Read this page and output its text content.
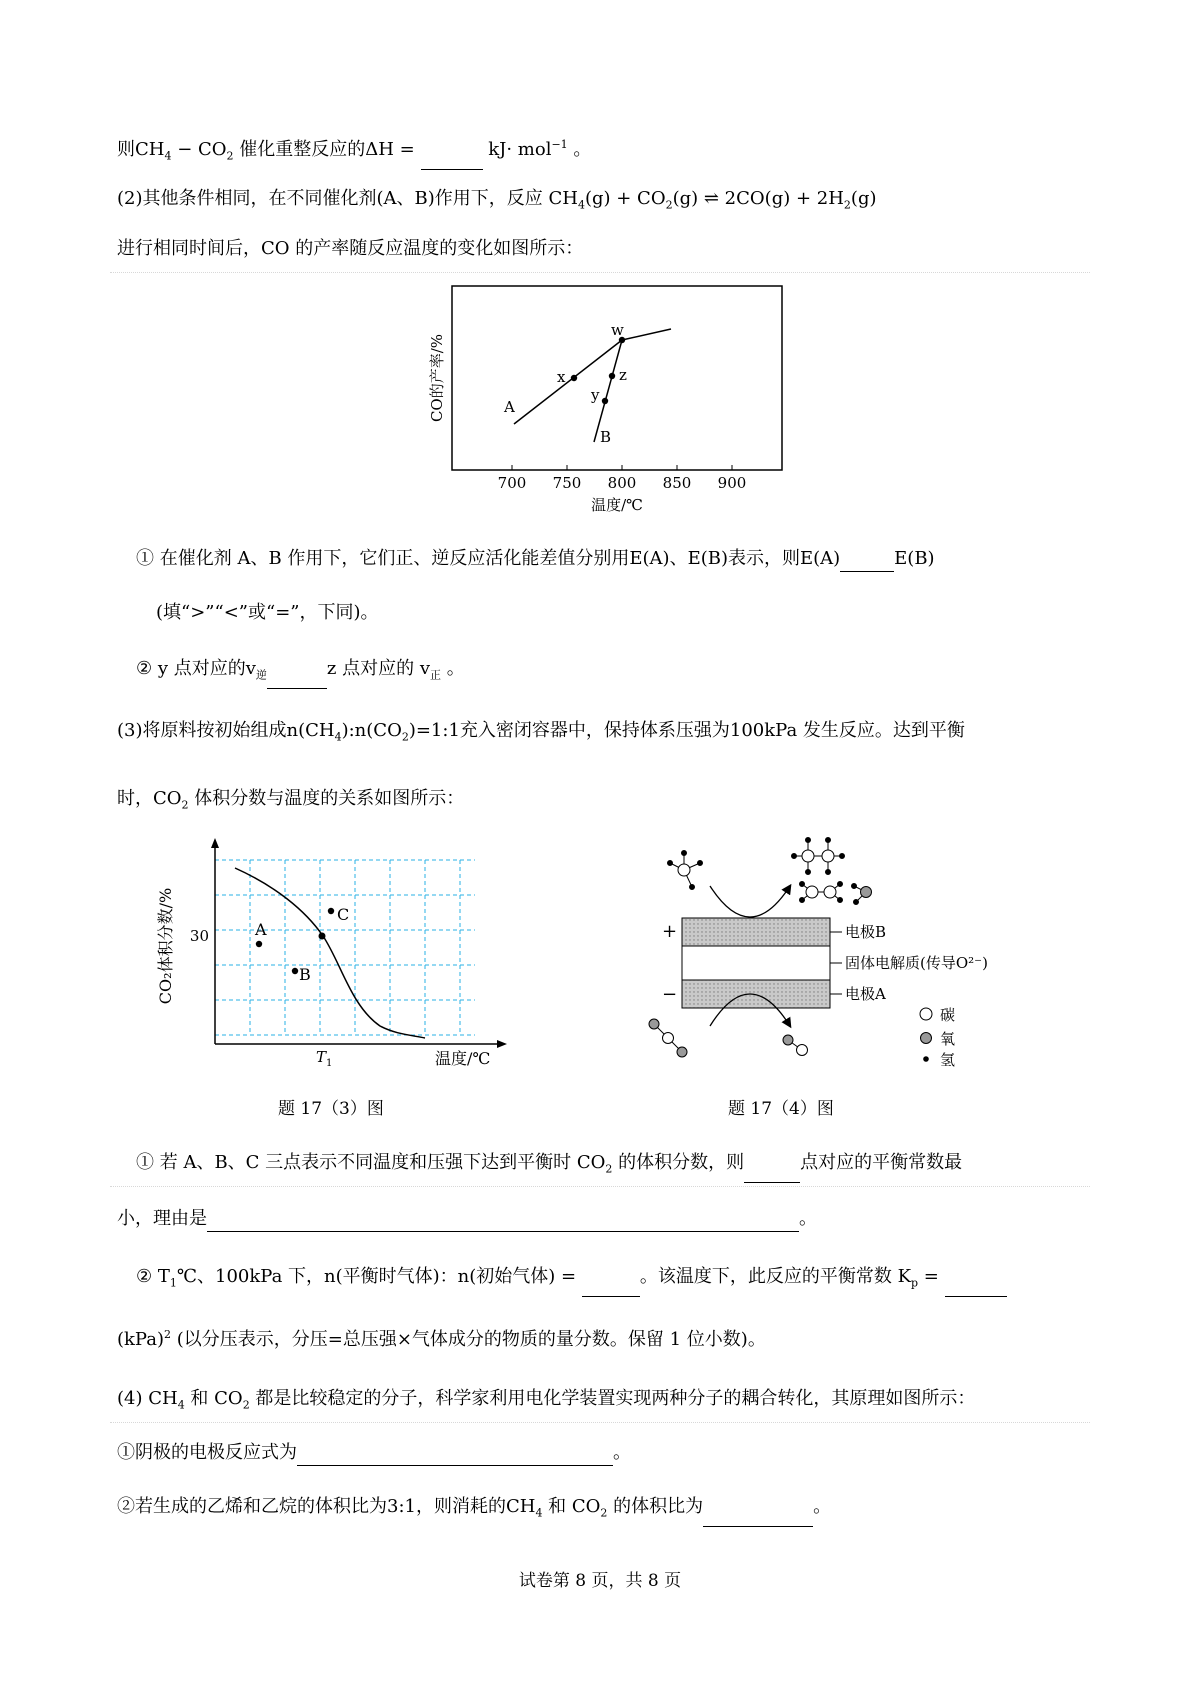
则$CH_4 - CO_2$ 催化重整反应的ΔH =	kJ· mol$^{-1}$ 。
(2)其他条件相同，在不同催化剂(A、B)作用下，反应 $CH_4(g) + CO_2(g)$ ⇌ $2CO(g) + 2H_2(g)$
进行相同时间后，CO 的产率随反应温度的变化如图所示：
700 750 800 850 900
温度/℃
CO的产率/%	A
B
x
w
z
y
① 在催化剂 A、B 作用下，它们正、逆反应活化能差值分别用E(A)、E(B)表示，则E(A)	E(B)
(填“>”“<”或“=”，下同)。
② y 点对应的$v_逆$	z 点对应的 $v_正$ 。
(3)将原料按初始组成$n(CH_4):n(CO_2)=1:1$充入密闭容器中，保持体系压强为100kPa 发生反应。达到平衡
时，$CO_2$ 体积分数与温度的关系如图所示：
A
B
C
30
$T_1$	温度/℃
CO₂体积分数/%
题 17（3）图
+
−
电极B
固体电解质(传导O²⁻)
电极A
碳
氧
氢
题 17（4）图
① 若 A、B、C 三点表示不同温度和压强下达到平衡时 $CO_2$ 的体积分数，则	点对应的平衡常数最
小，理由是	。
② $T_1℃$、100kPa 下，n(平衡时气体)：n(初始气体) =	。该温度下，此反应的平衡常数 $K_p$ =
(kPa)$^2$ (以分压表示，分压=总压强×气体成分的物质的量分数。保留 1 位小数)。
(4) $CH_4$ 和 $CO_2$ 都是比较稳定的分子，科学家利用电化学装置实现两种分子的耦合转化，其原理如图所示：
①阴极的电极反应式为	。
②若生成的乙烯和乙烷的体积比为3:1，则消耗的$CH_4$ 和 $CO_2$ 的体积比为	。
试卷第 8 页，共 8 页
